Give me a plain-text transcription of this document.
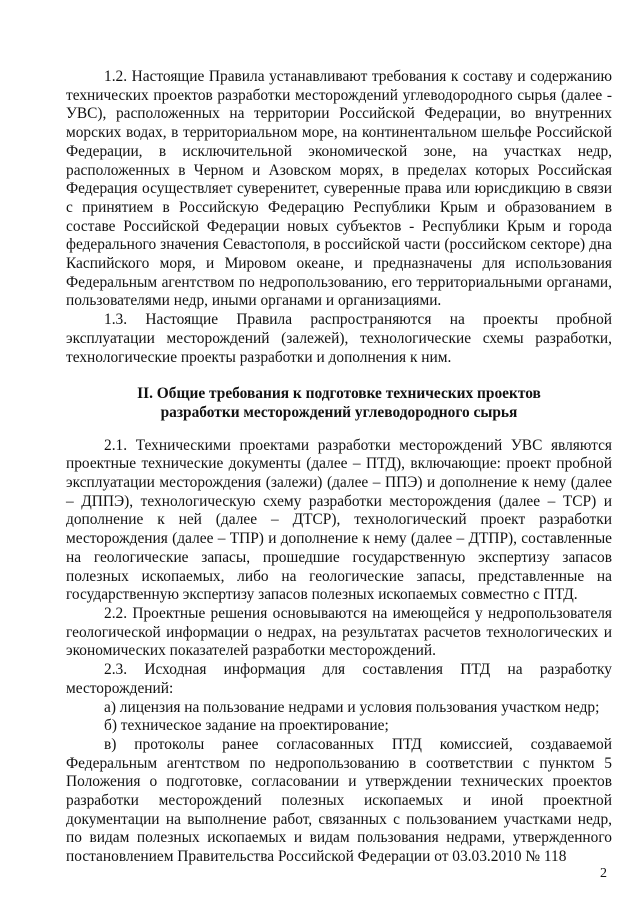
1.2. Настоящие Правила устанавливают требования к составу и содержанию технических проектов разработки месторождений углеводородного сырья (далее - УВС), расположенных на территории Российской Федерации, во внутренних морских водах, в территориальном море, на континентальном шельфе Российской Федерации, в исключительной экономической зоне, на участках недр, расположенных в Черном и Азовском морях, в пределах которых Российская Федерация осуществляет суверенитет, суверенные права или юрисдикцию в связи с принятием в Российскую Федерацию Республики Крым и образованием в составе Российской Федерации новых субъектов - Республики Крым и города федерального значения Севастополя, в российской части (российском секторе) дна Каспийского моря, и Мировом океане, и предназначены для использования Федеральным агентством по недропользованию, его территориальными органами, пользователями недр, иными органами и организациями.

1.3. Настоящие Правила распространяются на проекты пробной эксплуатации месторождений (залежей), технологические схемы разработки, технологические проекты разработки и дополнения к ним.

II. Общие требования к подготовке технических проектов
разработки месторождений углеводородного сырья

2.1. Техническими проектами разработки месторождений УВС являются проектные технические документы (далее – ПТД), включающие: проект пробной эксплуатации месторождения (залежи) (далее – ППЭ) и дополнение к нему (далее – ДППЭ), технологическую схему разработки месторождения (далее – ТСР) и дополнение к ней (далее – ДТСР), технологический проект разработки месторождения (далее – ТПР) и дополнение к нему (далее – ДТПР), составленные на геологические запасы, прошедшие государственную экспертизу запасов полезных ископаемых, либо на геологические запасы, представленные на государственную экспертизу запасов полезных ископаемых совместно с ПТД.

2.2. Проектные решения основываются на имеющейся у недропользователя геологической информации о недрах, на результатах расчетов технологических и экономических показателей разработки месторождений.

2.3. Исходная информация для составления ПТД на разработку месторождений:

а) лицензия на пользование недрами и условия пользования участком недр;

б) техническое задание на проектирование;

в) протоколы ранее согласованных ПТД комиссией, создаваемой Федеральным агентством по недропользованию в соответствии с пунктом 5 Положения о подготовке, согласовании и утверждении технических проектов разработки месторождений полезных ископаемых и иной проектной документации на выполнение работ, связанных с пользованием участками недр, по видам полезных ископаемых и видам пользования недрами, утвержденного постановлением Правительства Российской Федерации от 03.03.2010 № 118

2
